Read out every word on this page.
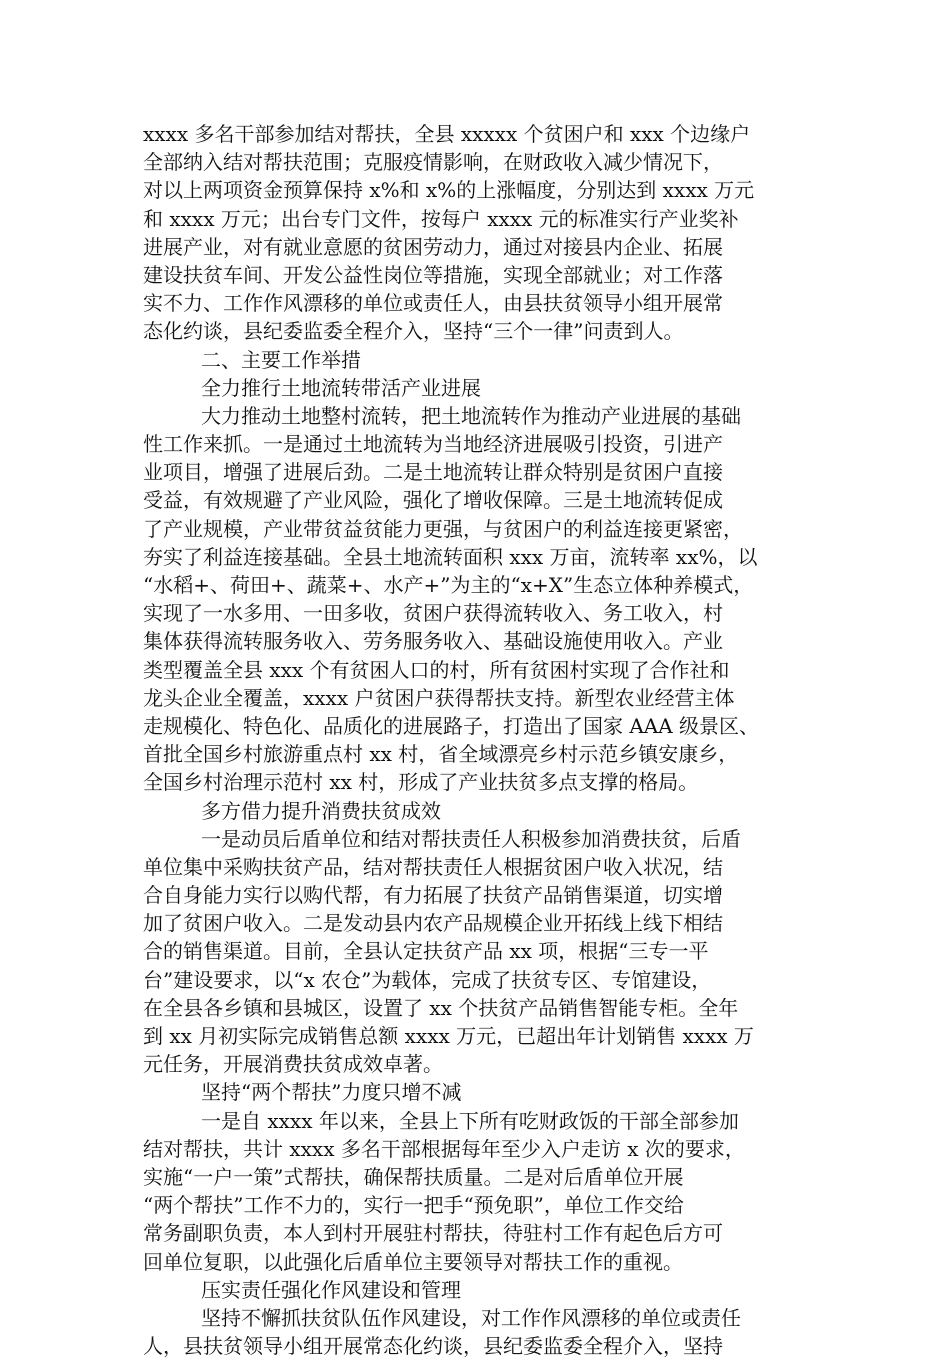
xxxx 多名干部参加结对帮扶，全县 xxxxx 个贫困户和 xxx 个边缘户
全部纳入结对帮扶范围；克服疫情影响，在财政收入减少情况下，
对以上两项资金预算保持 x%和 x%的上涨幅度，分别达到 xxxx 万元
和 xxxx 万元；出台专门文件，按每户 xxxx 元的标准实行产业奖补
进展产业，对有就业意愿的贫困劳动力，通过对接县内企业、拓展
建设扶贫车间、开发公益性岗位等措施，实现全部就业；对工作落
实不力、工作作风漂移的单位或责任人，由县扶贫领导小组开展常
态化约谈，县纪委监委全程介入，坚持“三个一律”问责到人。
二、主要工作举措
全力推行土地流转带活产业进展
大力推动土地整村流转，把土地流转作为推动产业进展的基础
性工作来抓。一是通过土地流转为当地经济进展吸引投资，引进产
业项目，增强了进展后劲。二是土地流转让群众特别是贫困户直接
受益，有效规避了产业风险，强化了增收保障。三是土地流转促成
了产业规模，产业带贫益贫能力更强，与贫困户的利益连接更紧密，
夯实了利益连接基础。全县土地流转面积 xxx 万亩，流转率 xx%，以
“水稻+、荷田+、蔬菜+、水产+”为主的“x+X”生态立体种养模式，
实现了一水多用、一田多收，贫困户获得流转收入、务工收入，村
集体获得流转服务收入、劳务服务收入、基础设施使用收入。产业
类型覆盖全县 xxx 个有贫困人口的村，所有贫困村实现了合作社和
龙头企业全覆盖，xxxx 户贫困户获得帮扶支持。新型农业经营主体
走规模化、特色化、品质化的进展路子，打造出了国家 AAA 级景区、
首批全国乡村旅游重点村 xx 村，省全域漂亮乡村示范乡镇安康乡，
全国乡村治理示范村 xx 村，形成了产业扶贫多点支撑的格局。
多方借力提升消费扶贫成效
一是动员后盾单位和结对帮扶责任人积极参加消费扶贫，后盾
单位集中采购扶贫产品，结对帮扶责任人根据贫困户收入状况，结
合自身能力实行以购代帮，有力拓展了扶贫产品销售渠道，切实增
加了贫困户收入。二是发动县内农产品规模企业开拓线上线下相结
合的销售渠道。目前，全县认定扶贫产品 xx 项，根据“三专一平
台”建设要求，以“x 农仓”为载体，完成了扶贫专区、专馆建设，
在全县各乡镇和县城区，设置了 xx 个扶贫产品销售智能专柜。全年
到 xx 月初实际完成销售总额 xxxx 万元，已超出年计划销售 xxxx 万
元任务，开展消费扶贫成效卓著。
坚持“两个帮扶”力度只增不减
一是自 xxxx 年以来，全县上下所有吃财政饭的干部全部参加
结对帮扶，共计 xxxx 多名干部根据每年至少入户走访 x 次的要求，
实施“一户一策”式帮扶，确保帮扶质量。二是对后盾单位开展
“两个帮扶”工作不力的，实行一把手“预免职”，单位工作交给
常务副职负责，本人到村开展驻村帮扶，待驻村工作有起色后方可
回单位复职，以此强化后盾单位主要领导对帮扶工作的重视。
压实责任强化作风建设和管理
坚持不懈抓扶贫队伍作风建设，对工作作风漂移的单位或责任
人，县扶贫领导小组开展常态化约谈，县纪委监委全程介入，坚持
